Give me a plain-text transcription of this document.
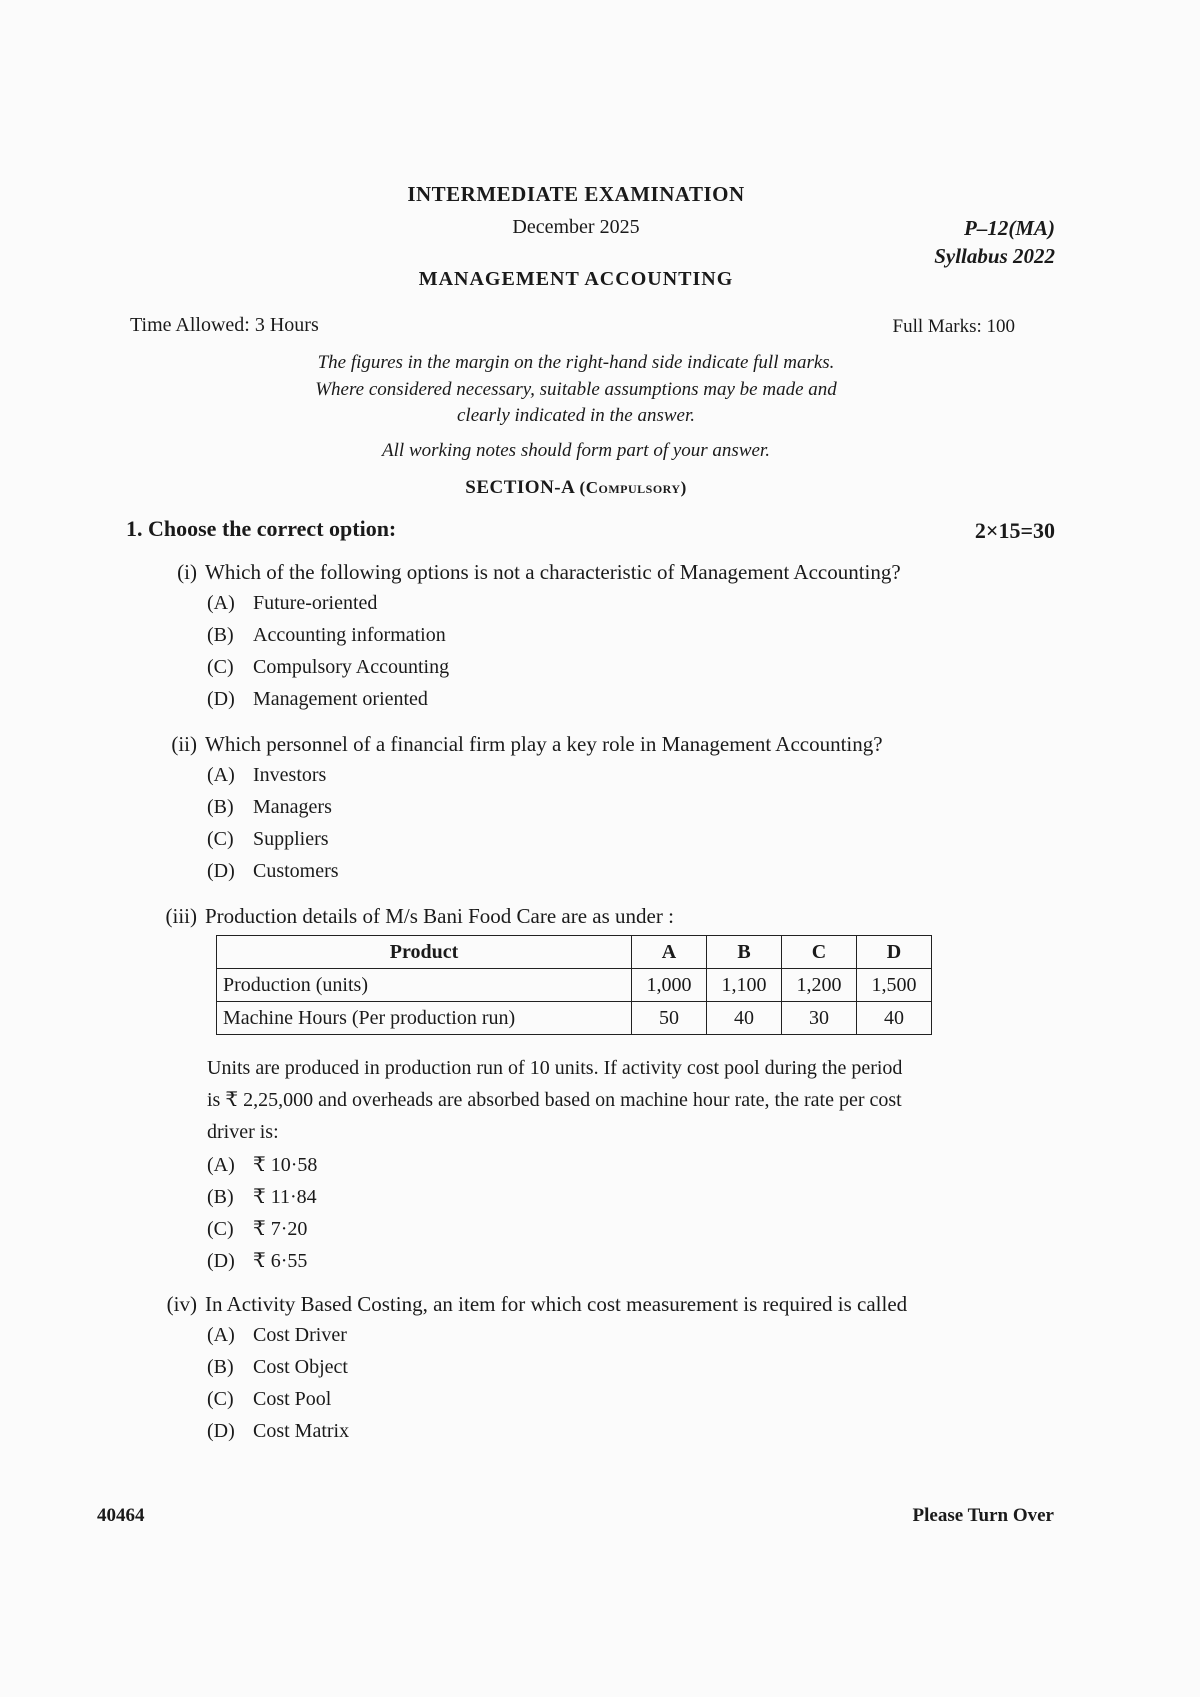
INTERMEDIATE EXAMINATION
December 2025	P–12(MA)
Syllabus 2022
MANAGEMENT ACCOUNTING
Time Allowed: 3 Hours	Full Marks: 100
The figures in the margin on the right-hand side indicate full marks.
Where considered necessary, suitable assumptions may be made and
clearly indicated in the answer.
All working notes should form part of your answer.
SECTION-A (Compulsory)
1. Choose the correct option:	2×15=30
(i) Which of the following options is not a characteristic of Management Accounting?
(A) Future-oriented
(B) Accounting information
(C) Compulsory Accounting
(D) Management oriented
(ii) Which personnel of a financial firm play a key role in Management Accounting?
(A) Investors
(B) Managers
(C) Suppliers
(D) Customers
(iii) Production details of M/s Bani Food Care are as under :
Product	A	B	C	D
Production (units)	1,000	1,100	1,200	1,500
Machine Hours (Per production run)	50	40	30	40
Units are produced in production run of 10 units. If activity cost pool during the period
is ₹ 2,25,000 and overheads are absorbed based on machine hour rate, the rate per cost
driver is:
(A) ₹ 10·58
(B) ₹ 11·84
(C) ₹ 7·20
(D) ₹ 6·55
(iv) In Activity Based Costing, an item for which cost measurement is required is called
(A) Cost Driver
(B) Cost Object
(C) Cost Pool
(D) Cost Matrix
40464	Please Turn Over
